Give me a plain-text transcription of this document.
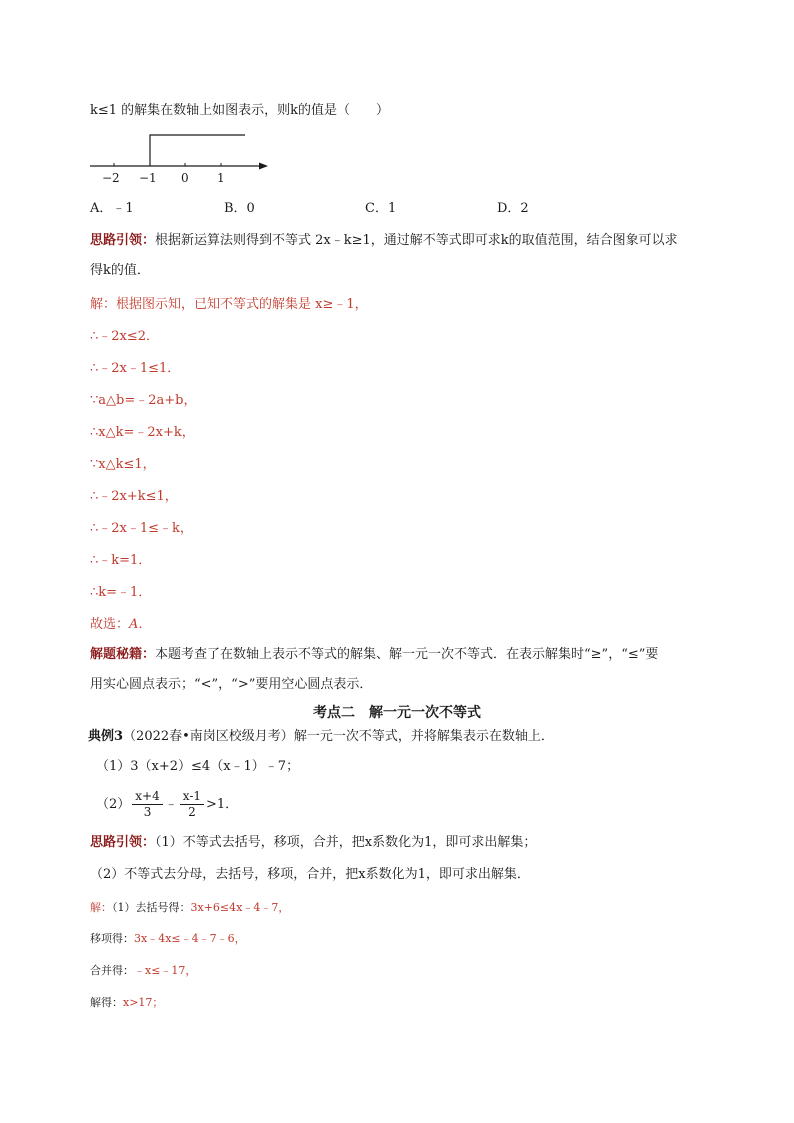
k≤1 的解集在数轴上如图表示，则k的值是（　　）
−2 −1 0 1
A．﹣1	B．0	C．1	D．2
思路引领：根据新运算法则得到不等式 2x﹣k≥1，通过解不等式即可求k的取值范围，结合图象可以求
得k的值．
解：根据图示知，已知不等式的解集是 x≥﹣1，
∴﹣2x≤2．
∴﹣2x﹣1≤1．
∵a△b=﹣2a+b，
∴x△k=﹣2x+k，
∵x△k≤1，
∴﹣2x+k≤1，
∴﹣2x﹣1≤﹣k，
∴﹣k=1．
∴k=﹣1．
故选：A．
解题秘籍：本题考查了在数轴上表示不等式的解集、解一元一次不等式．在表示解集时“≥”，“≤”要
用实心圆点表示；“<”，“>”要用空心圆点表示．
考点二　解一元一次不等式
典例3（2022春•南岗区校级月考）解一元一次不等式，并将解集表示在数轴上．
（1）3（x+2）≤4（x﹣1）﹣7；
$(2) \frac{x+4}{3}$ ﹣ $\frac{x-1}{2} >1$．
思路引领：（1）不等式去括号，移项，合并，把x系数化为1，即可求出解集；
（2）不等式去分母，去括号，移项，合并，把x系数化为1，即可求出解集．
解：（1）去括号得：3x+6≤4x﹣4﹣7，
移项得：3x﹣4x≤﹣4﹣7﹣6，
合并得：﹣x≤﹣17，
解得：x>17；
